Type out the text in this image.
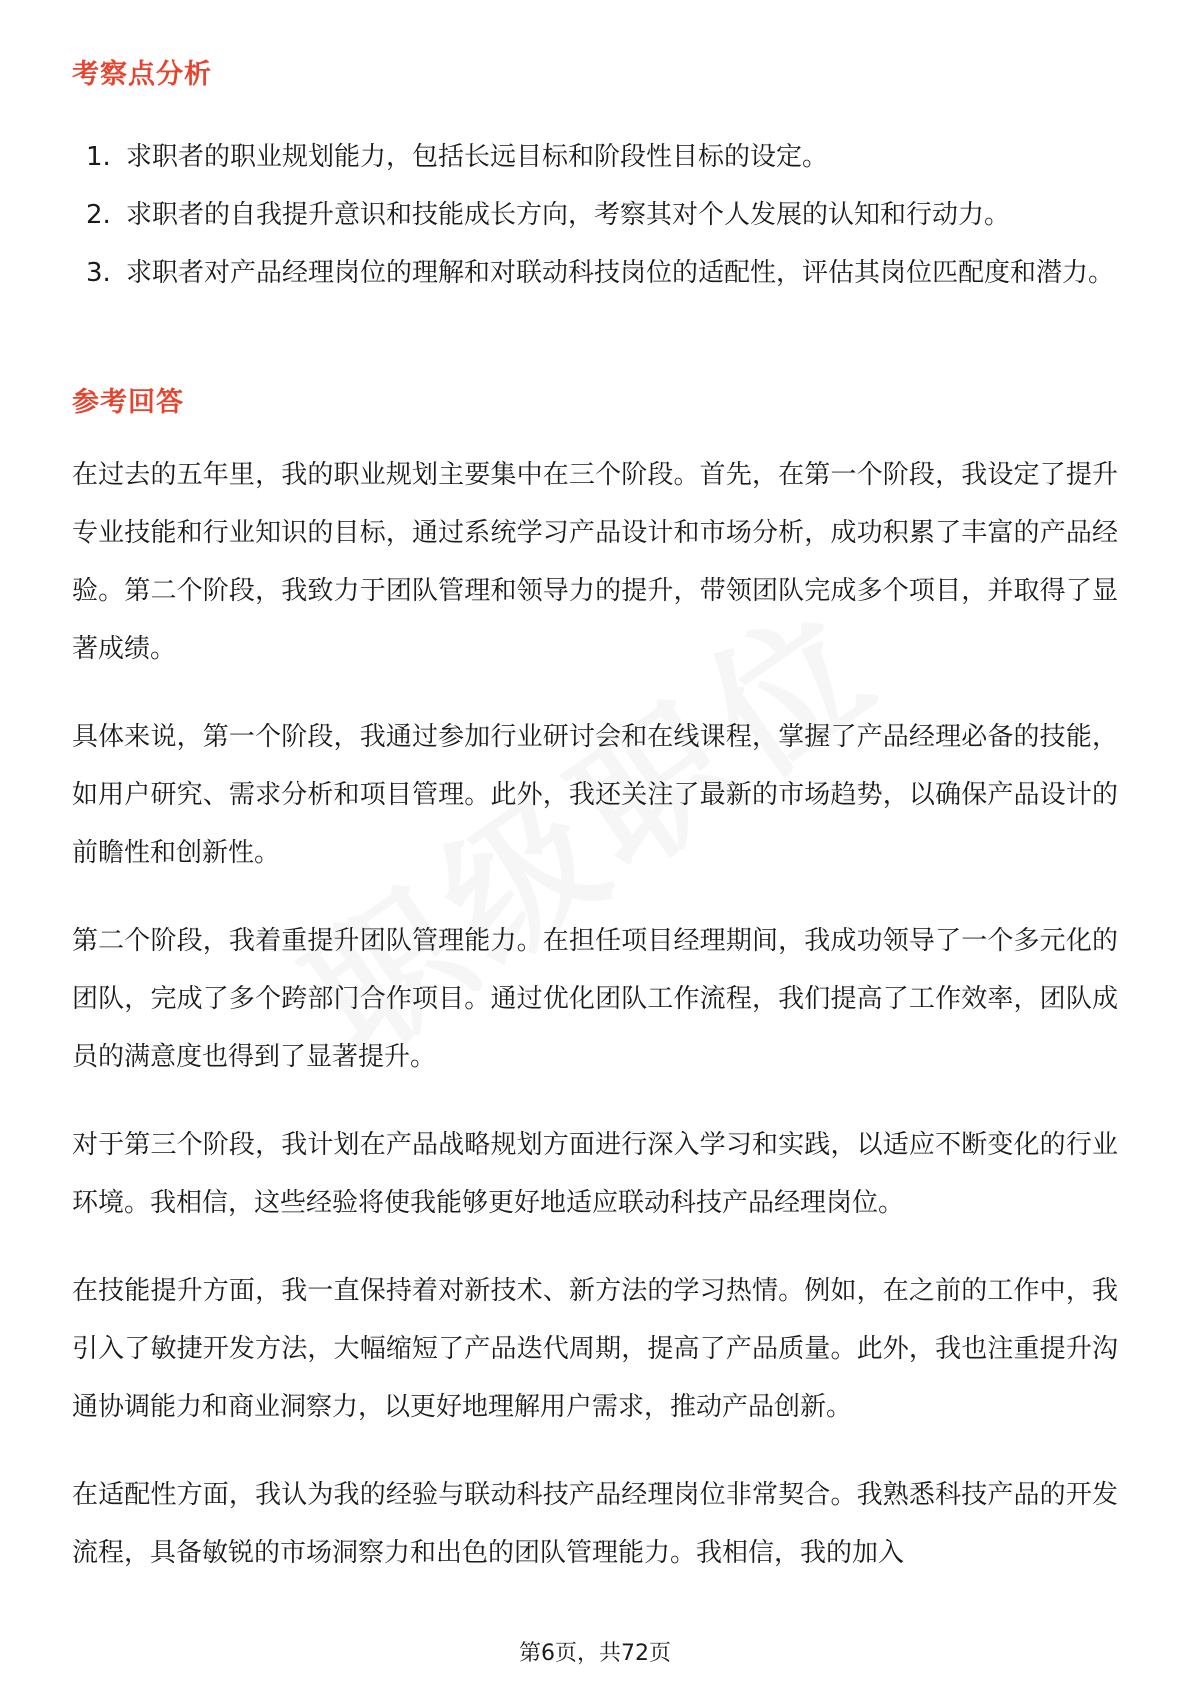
考察点分析
1. 求职者的职业规划能力，包括长远目标和阶段性目标的设定。
2. 求职者的自我提升意识和技能成长方向，考察其对个人发展的认知和行动力。
3. 求职者对产品经理岗位的理解和对联动科技岗位的适配性，评估其岗位匹配度和潜力。
参考回答

在过去的五年里，我的职业规划主要集中在三个阶段。首先，在第一个阶段，我设定了提升专业技能和行业知识的目标，通过系统学习产品设计和市场分析，成功积累了丰富的产品经验。第二个阶段，我致力于团队管理和领导力的提升，带领团队完成多个项目，并取得了显著成绩。

具体来说，第一个阶段，我通过参加行业研讨会和在线课程，掌握了产品经理必备的技能，如用户研究、需求分析和项目管理。此外，我还关注了最新的市场趋势，以确保产品设计的前瞻性和创新性。

第二个阶段，我着重提升团队管理能力。在担任项目经理期间，我成功领导了一个多元化的团队，完成了多个跨部门合作项目。通过优化团队工作流程，我们提高了工作效率，团队成员的满意度也得到了显著提升。

对于第三个阶段，我计划在产品战略规划方面进行深入学习和实践，以适应不断变化的行业环境。我相信，这些经验将使我能够更好地适应联动科技产品经理岗位。

在技能提升方面，我一直保持着对新技术、新方法的学习热情。例如，在之前的工作中，我引入了敏捷开发方法，大幅缩短了产品迭代周期，提高了产品质量。此外，我也注重提升沟通协调能力和商业洞察力，以更好地理解用户需求，推动产品创新。

在适配性方面，我认为我的经验与联动科技产品经理岗位非常契合。我熟悉科技产品的开发流程，具备敏锐的市场洞察力和出色的团队管理能力。我相信，我的加入

第6页，共72页
